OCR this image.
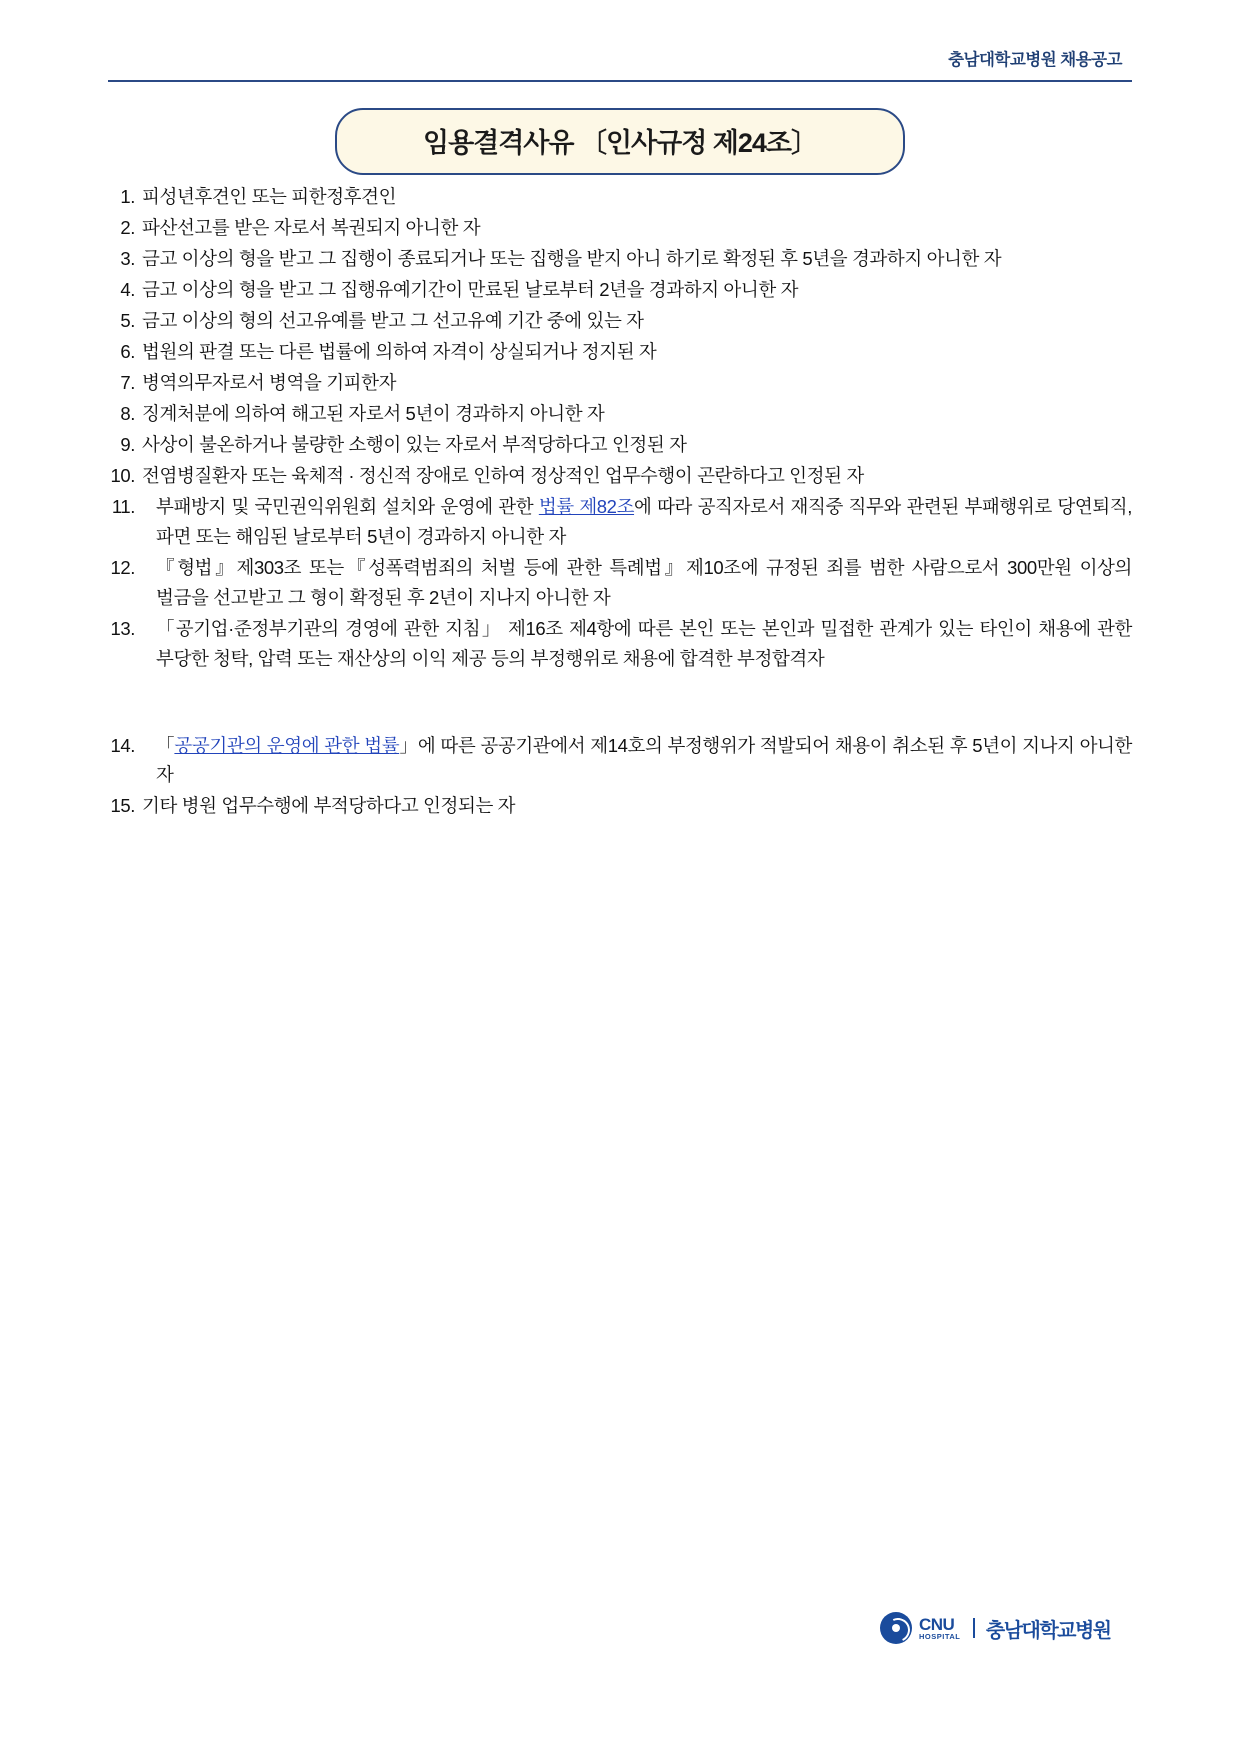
충남대학교병원 채용공고
임용결격사유 〔인사규정 제24조〕
1. 피성년후견인 또는 피한정후견인
2. 파산선고를 받은 자로서 복권되지 아니한 자
3. 금고 이상의 형을 받고 그 집행이 종료되거나 또는 집행을 받지 아니 하기로 확정된 후 5년을 경과하지 아니한 자
4. 금고 이상의 형을 받고 그 집행유예기간이 만료된 날로부터 2년을 경과하지 아니한 자
5. 금고 이상의 형의 선고유예를 받고 그 선고유예 기간 중에 있는 자
6. 법원의 판결 또는 다른 법률에 의하여 자격이 상실되거나 정지된 자
7. 병역의무자로서 병역을 기피한자
8. 징계처분에 의하여 해고된 자로서 5년이 경과하지 아니한 자
9. 사상이 불온하거나 불량한 소행이 있는 자로서 부적당하다고 인정된 자
10. 전염병질환자 또는 육체적 · 정신적 장애로 인하여 정상적인 업무수행이 곤란하다고 인정된 자
11.	부패방지 및 국민권익위원회 설치와 운영에 관한 법률 제82조에 따라 공직자로서 재직중 직무와 관련된 부패행위로 당연퇴직, 파면 또는 해임된 날로부터 5년이 경과하지 아니한 자
12.	『형법』제303조 또는『성폭력범죄의 처벌 등에 관한 특례법』제10조에 규정된 죄를 범한 사람으로서 300만원 이상의 벌금을 선고받고 그 형이 확정된 후 2년이 지나지 아니한 자
13.	「공기업·준정부기관의 경영에 관한 지침」 제16조 제4항에 따른 본인 또는 본인과 밀접한 관계가 있는 타인이 채용에 관한 부당한 청탁, 압력 또는 재산상의 이익 제공 등의 부정행위로 채용에 합격한 부정합격자
14.	「공공기관의 운영에 관한 법률」에 따른 공공기관에서 제14호의 부정행위가 적발되어 채용이 취소된 후 5년이 지나지 아니한 자
15. 기타 병원 업무수행에 부적당하다고 인정되는 자
CNU
HOSPITAL 충남대학교병원
